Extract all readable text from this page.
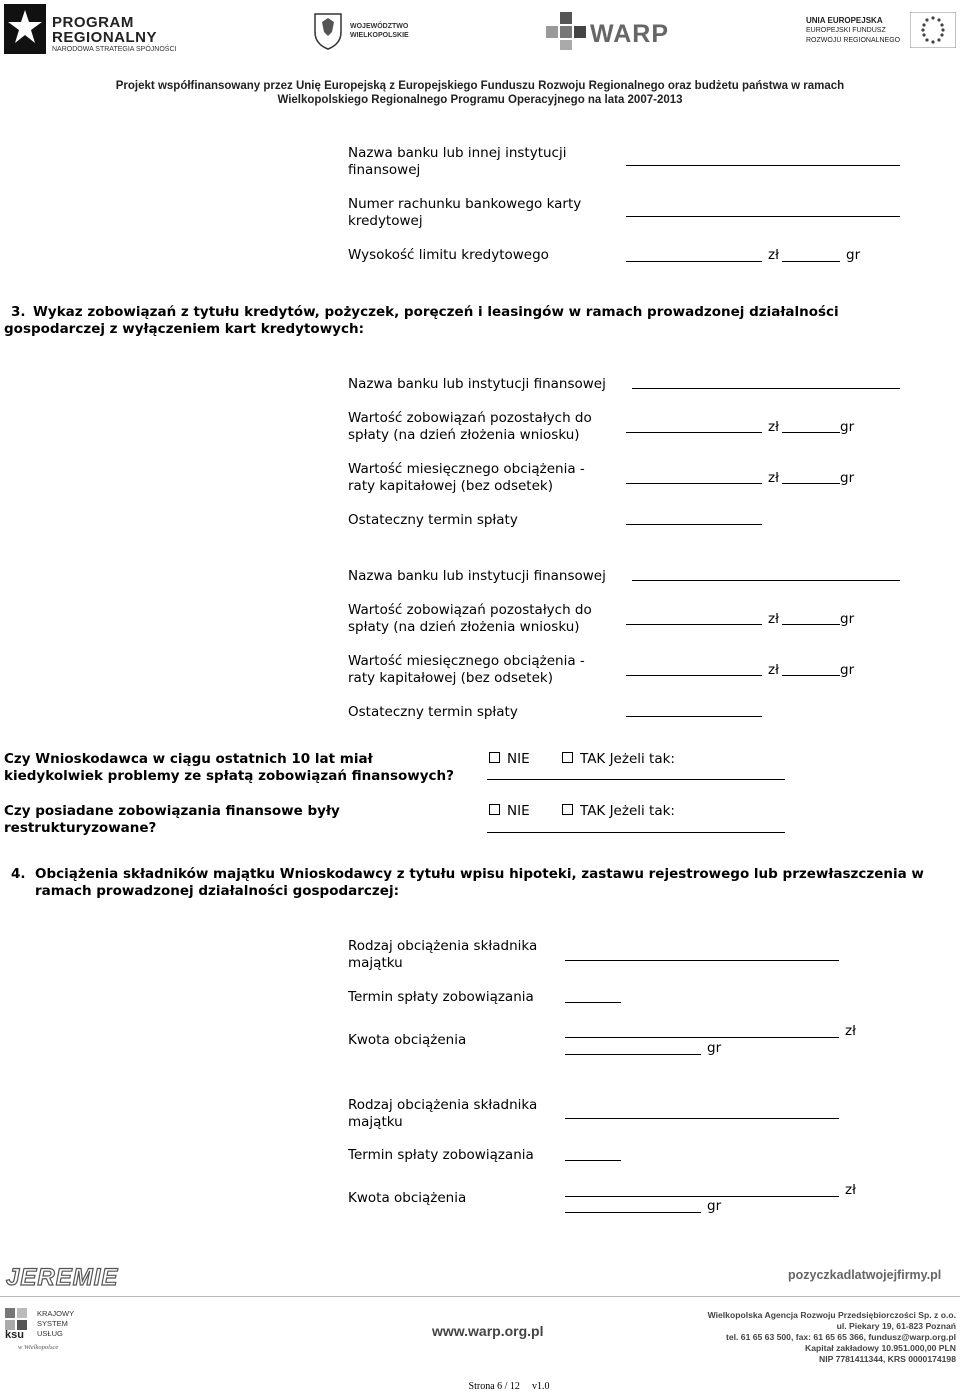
PROGRAM
REGIONALNY
NARODOWA STRATEGIA SPÓJNOŚCI
WOJEWÓDZTWO
WIELKOPOLSKIE	WARP	UNIA EUROPEJSKA
EUROPEJSKI FUNDUSZ
ROZWOJU REGIONALNEGO
Projekt współfinansowany przez Unię Europejską z Europejskiego Funduszu Rozwoju Regionalnego oraz budżetu państwa w ramach
Wielkopolskiego Regionalnego Programu Operacyjnego na lata 2007-2013
Nazwa banku lub innej instytucji finansowej
Numer rachunku bankowego karty kredytowej
Wysokość limitu kredytowego	zł	gr
3. Wykaz zobowiązań z tytułu kredytów, pożyczek, poręczeń i leasingów w ramach prowadzonej działalności gospodarczej z wyłączeniem kart kredytowych:
Nazwa banku lub instytucji finansowej
Wartość zobowiązań pozostałych do spłaty (na dzień złożenia wniosku)	zł	gr
Wartość miesięcznego obciążenia - raty kapitałowej (bez odsetek)	zł	gr
Ostateczny termin spłaty
Nazwa banku lub instytucji finansowej
Wartość zobowiązań pozostałych do spłaty (na dzień złożenia wniosku)	zł	gr
Wartość miesięcznego obciążenia - raty kapitałowej (bez odsetek)	zł	gr
Ostateczny termin spłaty
Czy Wnioskodawca w ciągu ostatnich 10 lat miał kiedykolwiek problemy ze spłatą zobowiązań finansowych?
NIE	TAK Jeżeli tak:
Czy posiadane zobowiązania finansowe były restrukturyzowane?
NIE	TAK Jeżeli tak:
4. Obciążenia składników majątku Wnioskodawcy z tytułu wpisu hipoteki, zastawu rejestrowego lub przewłaszczenia w ramach prowadzonej działalności gospodarczej:
Rodzaj obciążenia składnika majątku
Termin spłaty zobowiązania
Kwota obciążenia
zł
gr
Rodzaj obciążenia składnika majątku
Termin spłaty zobowiązania
Kwota obciążenia	zł
gr
JEREMIE	pozyczkadlatwojejfirmy.pl
ksu
KRAJOWY
SYSTEM
USŁUG
w Wielkopolsce
www.warp.org.pl
Wielkopolska Agencja Rozwoju Przedsiębiorczości Sp. z o.o.
ul. Piekary 19, 61-823 Poznań
tel. 61 65 63 500, fax: 61 65 65 366, fundusz@warp.org.pl
Kapitał zakładowy 10.951.000,00 PLN
NIP 7781411344, KRS 0000174198
Strona 6 / 12 v1.0
